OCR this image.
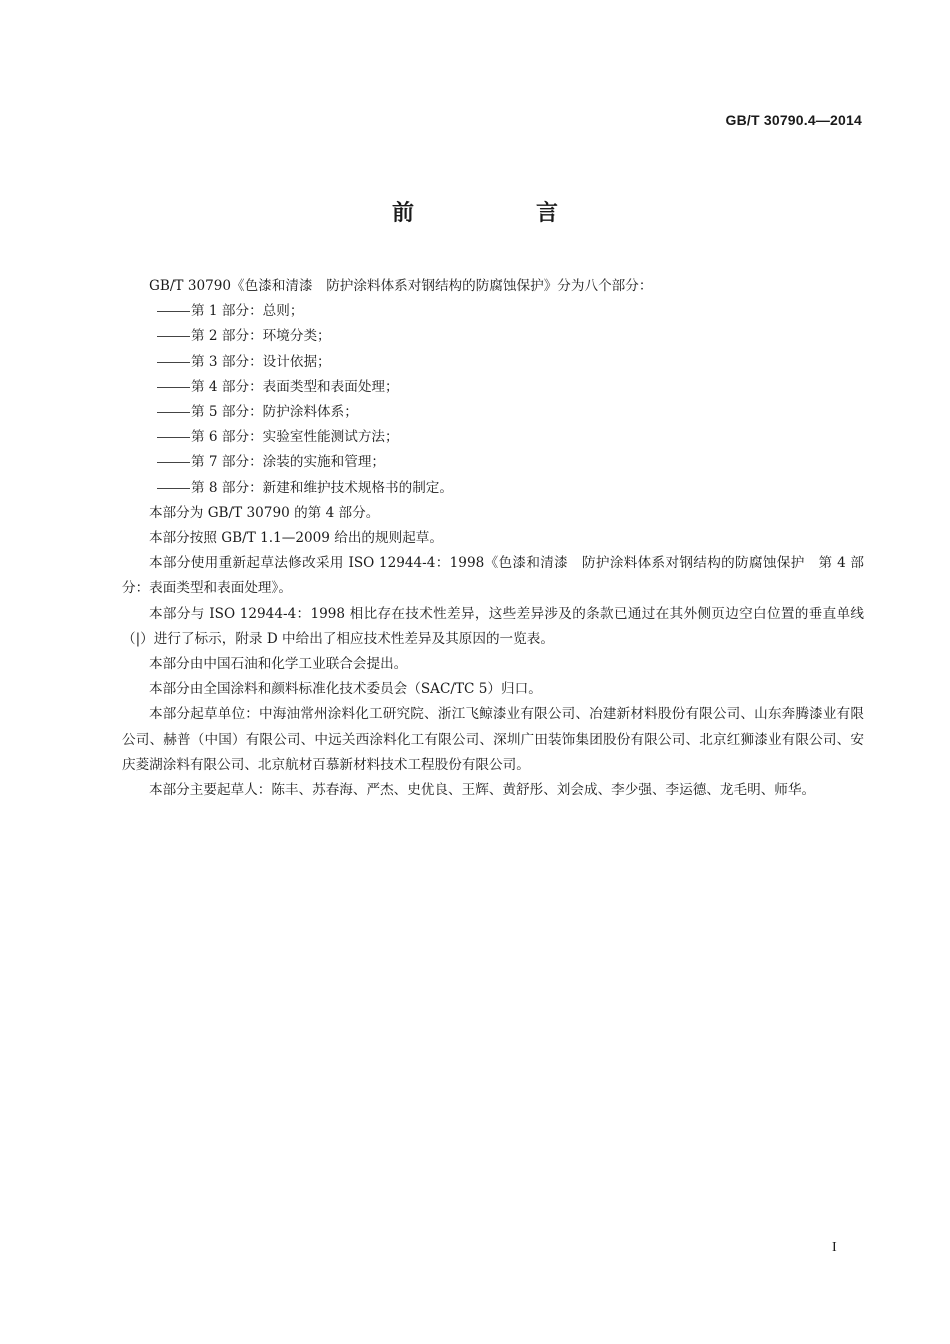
GB/T 30790.4—2014
前　言

GB/T 30790《色漆和清漆　防护涂料体系对钢结构的防腐蚀保护》分为八个部分：

第 1 部分：总则；

第 2 部分：环境分类；

第 3 部分：设计依据；

第 4 部分：表面类型和表面处理；

第 5 部分：防护涂料体系；

第 6 部分：实验室性能测试方法；

第 7 部分：涂装的实施和管理；

第 8 部分：新建和维护技术规格书的制定。

本部分为 GB/T 30790 的第 4 部分。

本部分按照 GB/T 1.1—2009 给出的规则起草。

本部分使用重新起草法修改采用 ISO 12944-4：1998《色漆和清漆　防护涂料体系对钢结构的防腐蚀保护　第 4 部分：表面类型和表面处理》。

本部分与 ISO 12944-4：1998 相比存在技术性差异，这些差异涉及的条款已通过在其外侧页边空白位置的垂直单线（|）进行了标示，附录 D 中给出了相应技术性差异及其原因的一览表。

本部分由中国石油和化学工业联合会提出。

本部分由全国涂料和颜料标准化技术委员会（SAC/TC 5）归口。

本部分起草单位：中海油常州涂料化工研究院、浙江飞鲸漆业有限公司、冶建新材料股份有限公司、山东奔腾漆业有限公司、赫普（中国）有限公司、中远关西涂料化工有限公司、深圳广田装饰集团股份有限公司、北京红狮漆业有限公司、安庆菱湖涂料有限公司、北京航材百慕新材料技术工程股份有限公司。

本部分主要起草人：陈丰、苏春海、严杰、史优良、王辉、黄舒彤、刘会成、李少强、李运德、龙毛明、师华。

I
